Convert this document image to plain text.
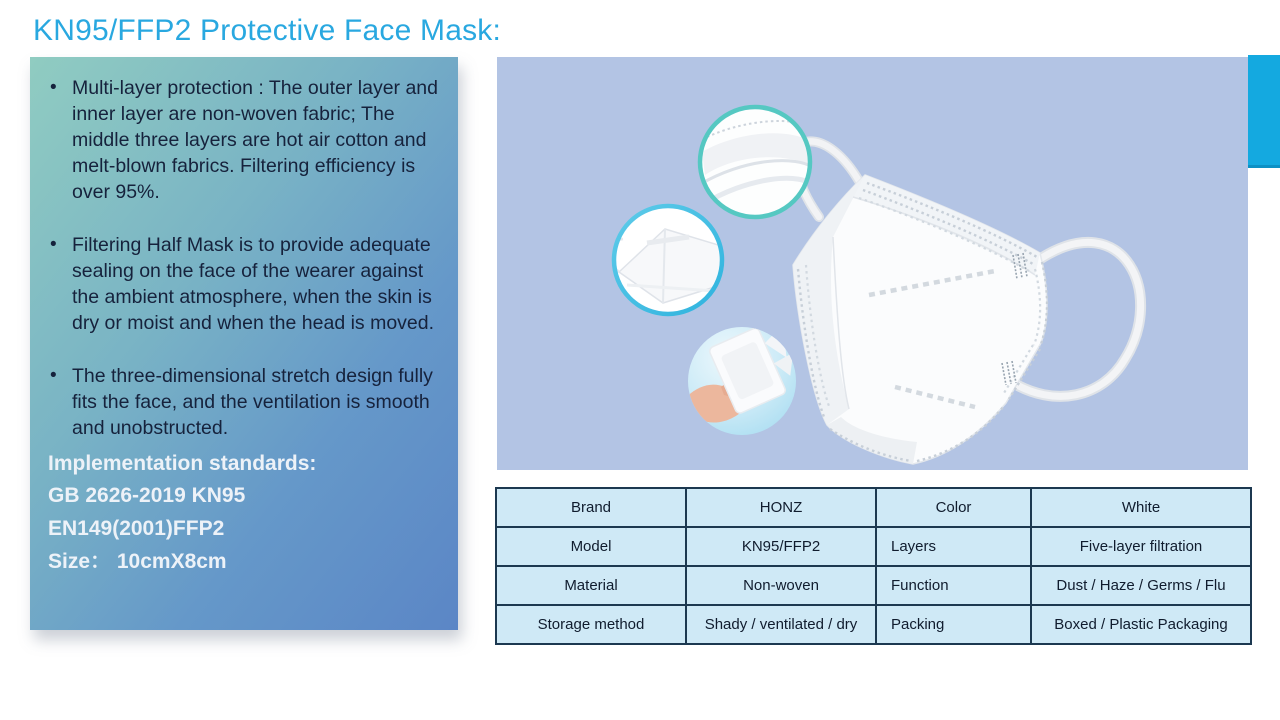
KN95/FFP2 Protective Face Mask:
• Multi-layer protection : The outer layer and inner layer are non-woven fabric; The middle three layers are hot air cotton and melt-blown fabrics. Filtering efficiency is over 95%.
• Filtering Half Mask is to provide adequate sealing on the face of the wearer against the ambient atmosphere, when the skin is dry or moist and when the head is moved.
• The three-dimensional stretch design fully fits the face, and the ventilation is smooth and unobstructed.
Implementation standards:
GB 2626-2019 KN95
EN149(2001)FFP2
Size： 10cmX8cm
Brand	HONZ	Color	White
Model	KN95/FFP2	Layers	Five-layer filtration
Material	Non-woven	Function	Dust / Haze / Germs / Flu
Storage method	Shady / ventilated / dry	Packing	Boxed / Plastic Packaging
